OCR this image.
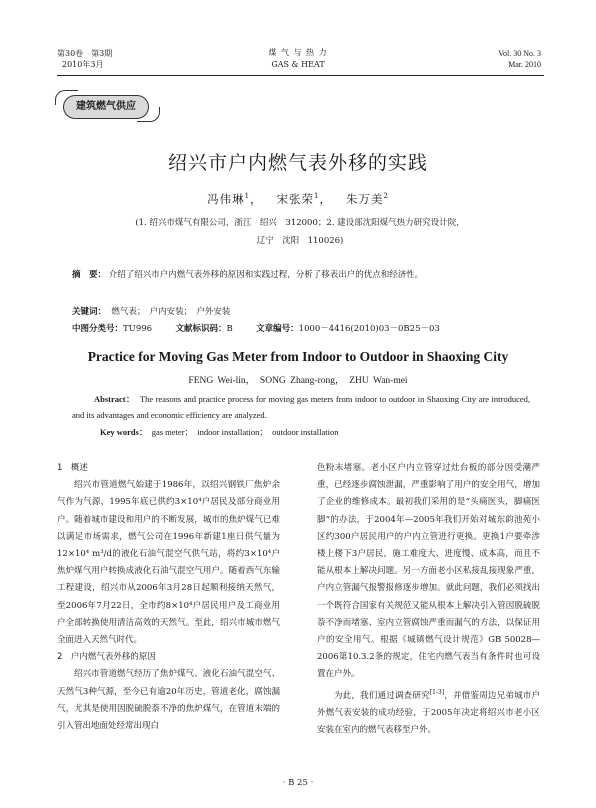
第30卷　第3期
2010年3月
煤 气 与 热 力
GAS & HEAT
Vol. 30 No. 3
Mar. 2010
建筑燃气供应
绍兴市户内燃气表外移的实践
冯伟琳$^1$，   宋张荣$^1$，   朱万美$^2$
(1. 绍兴市煤气有限公司，浙江　绍兴　312000；2. 建设部沈阳煤气热力研究设计院，
辽宁　沈阳　110026)
摘　要： 介绍了绍兴市户内燃气表外移的原因和实践过程，分析了移表出户的优点和经济性。
关键词： 燃气表；　户内安装；　户外安装
中图分类号：TU996	文献标识码：B	文章编号：1000－4416(2010)03－0B25－03
Practice for Moving Gas Meter from Indoor to Outdoor in Shaoxing City
FENG Wei-lin，　SONG Zhang-rong，　ZHU Wan-mei
Abstract： The reasons and practice process for moving gas meters from indoor to outdoor in Shaoxing City are introduced, and its advantages and economic efficiency are analyzed.
Key words： gas meter；　indoor installation；　outdoor installation
1　概述

绍兴市管道燃气始建于1986年，以绍兴钢铁厂焦炉余气作为气源，1995年底已供约3×10⁴户居民及部分商业用户。随着城市建设和用户的不断发展，城市的焦炉煤气已难以满足市场需求，燃气公司在1996年新建1座日供气量为12×10⁴ m³/d的液化石油气混空气供气站，将约3×10⁴户焦炉煤气用户转换成液化石油气混空气用户。随着西气东输工程建设，绍兴市从2006年3月28日起顺利接纳天然气，至2006年7月22日，全市约8×10⁴户居民用户及工商业用户全部转换使用清洁高效的天然气。至此，绍兴市城市燃气全面进入天然气时代。

2　户内燃气表外移的原因

绍兴市管道燃气经历了焦炉煤气、液化石油气混空气、天然气3种气源，至今已有逾20年历史，管道老化，腐蚀漏气，尤其是使用因脱硫脱萘不净的焦炉煤气，在管道末端的引入管出地面处经常出现白

色粉末堵塞。老小区户内立管穿过灶台板的部分因受潮严重，已经逐步腐蚀泄漏，严重影响了用户的安全用气，增加了企业的维修成本。最初我们采用的是“头痛医头，脚痛医脚”的办法，于2004年—2005年我们开始对城东韵池苑小区约300户居民用户的户内立管进行更换。更换1户要牵涉楼上楼下3户居民，施工难度大、进度慢、成本高，而且不能从根本上解决问题。另一方面老小区私接乱接现象严重，户内立管漏气报警报修逐步增加。就此问题，我们必须找出一个既符合国家有关规范又能从根本上解决引入管因脱硫脱萘不净而堵塞、室内立管腐蚀严重而漏气的方法，以保证用户的安全用气。根据《城镇燃气设计规范》GB 50028—2006第10.3.2条的规定，住宅内燃气表当有条件时也可设置在户外。

为此，我们通过调查研究[1-3]，并借鉴周边兄弟城市户外燃气表安装的成功经验，于2005年决定将绍兴市老小区安装在室内的燃气表移至户外。

· B 25 ·
